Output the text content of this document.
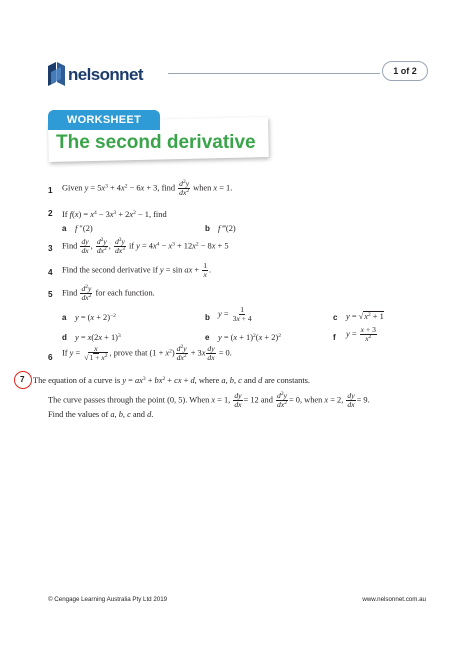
nelsonnet	1 of 2
WORKSHEET
The second derivative
1 Given $y = 5x^3 + 4x^2 - 6x + 3$, find $\frac{d^2y}{dx^2}$ when x = 1.
2 If $f(x) = x^4 - 3x^3 + 2x^2 - 1$, find
a f ″(2)	b f ‴(2)
3 Find $\frac{dy}{dx}$ , $\frac{d^2y}{dx^2}$ , $\frac{d^3y}{dx^3}$ if $y = 4x^4 - x^3 + 12x^2 - 8x + 5$
4 Find the second derivative if y = sin ax + $\frac{1}{x}$ .
5 Find $\frac{d^2y}{dx^2}$ for each function.
a $y = (x + 2)^{-2}$	b $y = \frac{1}{3x + 4}$	c $y = √x^2 + 1$
d $y = x(2x + 1)^3$	e $y = (x + 1)^2(x + 2)^2$	f $y = \frac{x + 3}{x^2}$
6
If $y = \frac{x}{√1 + x^2}$ , prove that $(1 + x^2) \frac{d^2y}{dx^2} + 3x \frac{dy}{dx} = 0$.
7 The equation of a curve is $y = ax^3 + bx^2$ + cx + d, where a, b, c and d are constants.
The curve passes through the point (0, 5). When x = 1, $\frac{dy}{dx} = 12$ and $\frac{d^2y}{dx^2} = 0$, when x = 2, $\frac{dy}{dx} = 9$.
Find the values of a, b, c and d.
© Cengage Learning Australia Pty Ltd 2019	www.nelsonnet.com.au
